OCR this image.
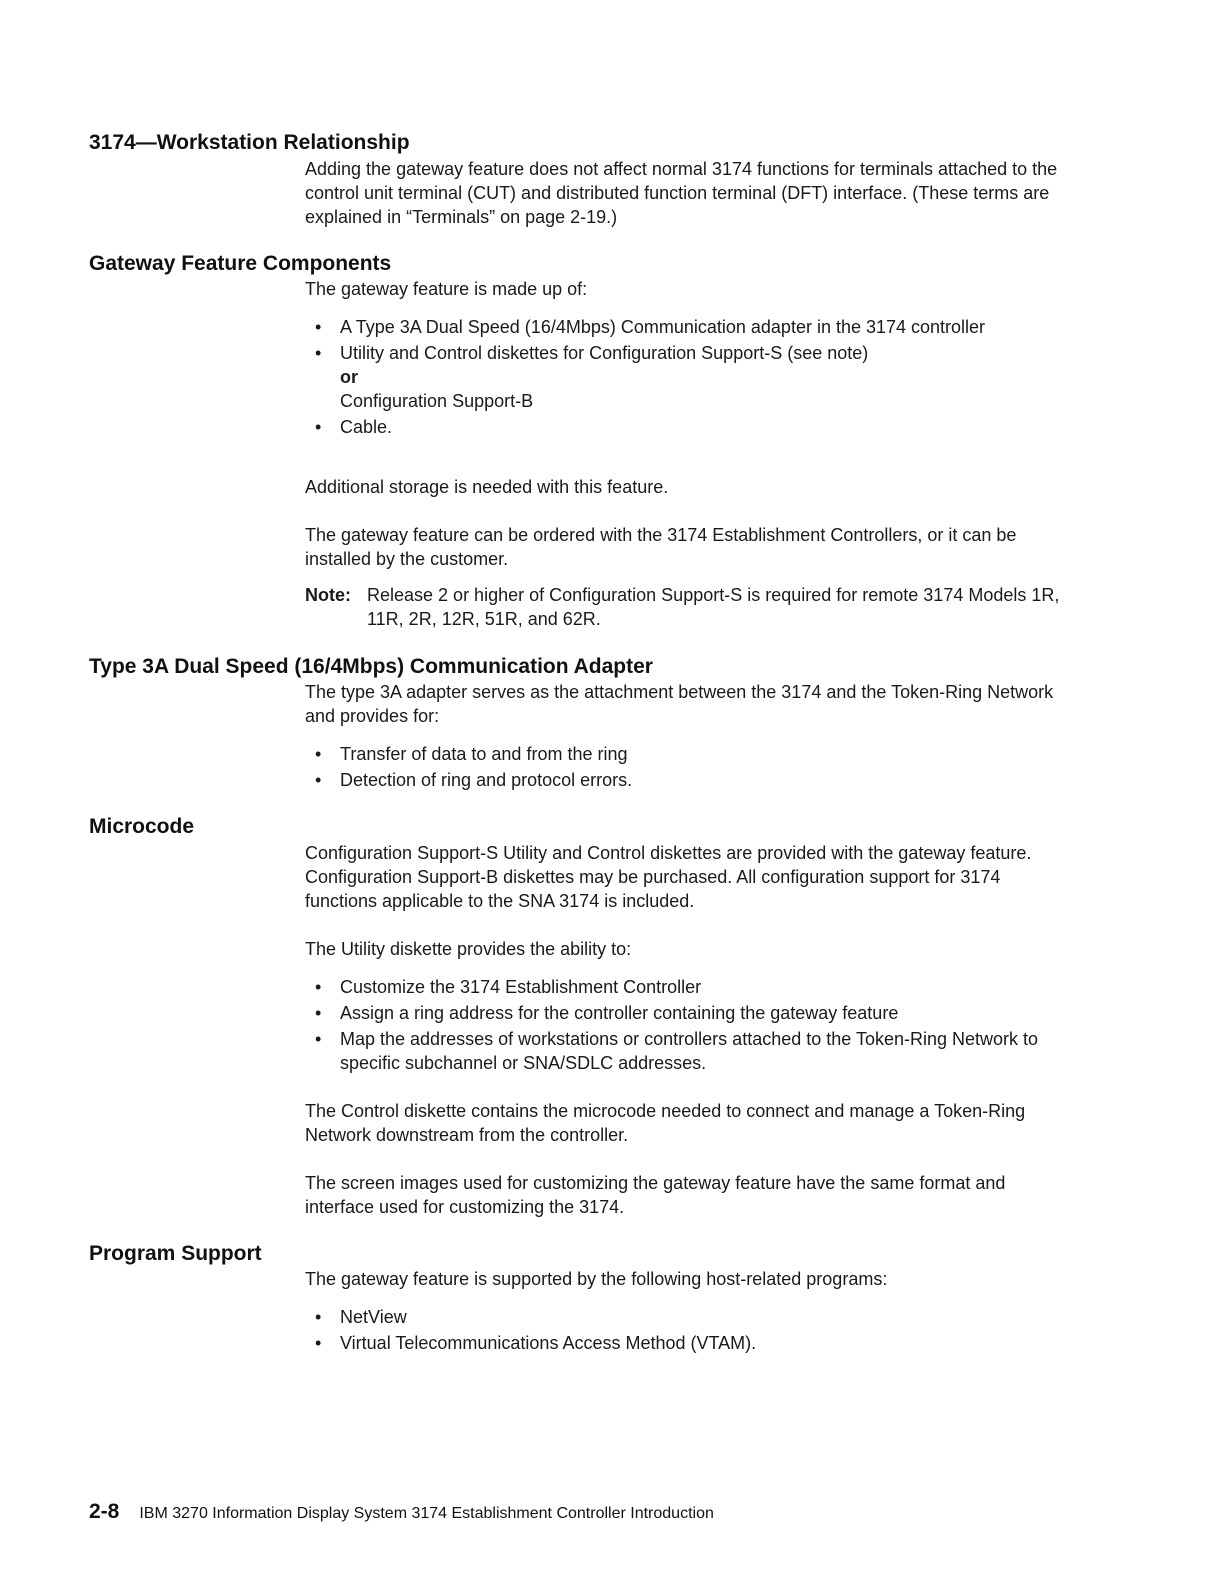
3174—Workstation Relationship

Adding the gateway feature does not affect normal 3174 functions for terminals attached to the control unit terminal (CUT) and distributed function terminal (DFT) interface. (These terms are explained in “Terminals” on page 2-19.)

Gateway Feature Components

The gateway feature is made up of:

• A Type 3A Dual Speed (16/4Mbps) Communication adapter in the 3174 controller
• Utility and Control diskettes for Configuration Support-S (see note)
or
Configuration Support-B
• Cable.

Additional storage is needed with this feature.

The gateway feature can be ordered with the 3174 Establishment Controllers, or it can be installed by the customer.

Note: Release 2 or higher of Configuration Support-S is required for remote 3174 Models 1R, 11R, 2R, 12R, 51R, and 62R.
Type 3A Dual Speed (16/4Mbps) Communication Adapter

The type 3A adapter serves as the attachment between the 3174 and the Token-Ring Network and provides for:

• Transfer of data to and from the ring
• Detection of ring and protocol errors.
Microcode

Configuration Support-S Utility and Control diskettes are provided with the gateway feature. Configuration Support-B diskettes may be purchased. All configuration support for 3174 functions applicable to the SNA 3174 is included.

The Utility diskette provides the ability to:

• Customize the 3174 Establishment Controller
• Assign a ring address for the controller containing the gateway feature
• Map the addresses of workstations or controllers attached to the Token-Ring Network to specific subchannel or SNA/SDLC addresses.

The Control diskette contains the microcode needed to connect and manage a Token-Ring Network downstream from the controller.

The screen images used for customizing the gateway feature have the same format and interface used for customizing the 3174.

Program Support

The gateway feature is supported by the following host-related programs:

• NetView
• Virtual Telecommunications Access Method (VTAM).
2-8 IBM 3270 Information Display System 3174 Establishment Controller Introduction
